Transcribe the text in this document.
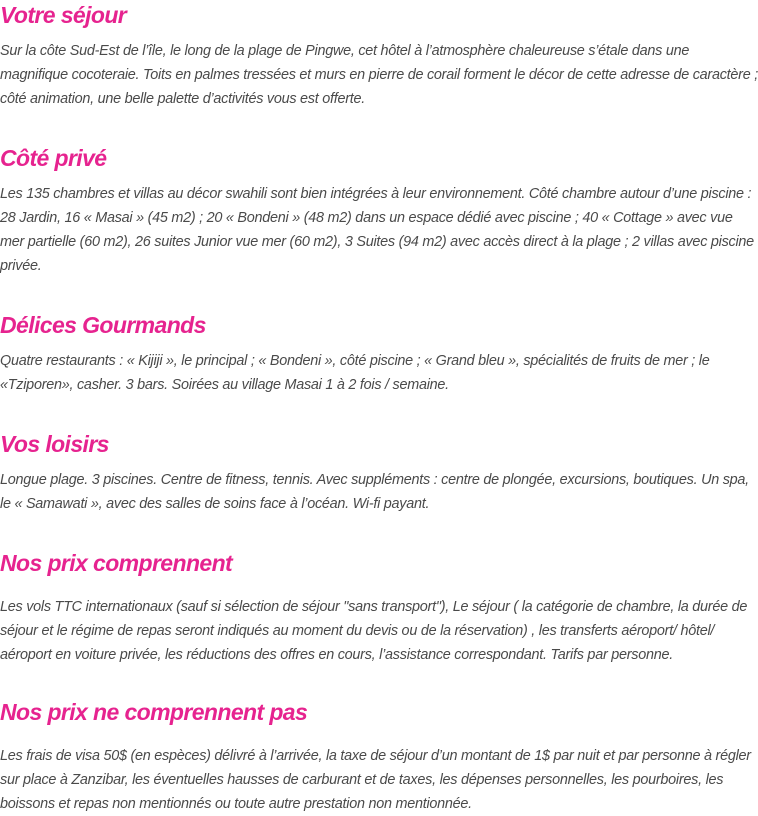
Votre séjour

Sur la côte Sud-Est de l’île, le long de la plage de Pingwe, cet hôtel à l’atmosphère chaleureuse s’étale dans une magnifique cocoteraie. Toits en palmes tressées et murs en pierre de corail forment le décor de cette adresse de caractère ; côté animation, une belle palette d’activités vous est offerte.

Côté privé

Les 135 chambres et villas au décor swahili sont bien intégrées à leur environnement. Côté chambre autour d’une piscine : 28 Jardin, 16 « Masai » (45 m2) ; 20 « Bondeni » (48 m2) dans un espace dédié avec piscine ; 40 « Cottage » avec vue mer partielle (60 m2), 26 suites Junior vue mer (60 m2), 3 Suites (94 m2) avec accès direct à la plage ; 2 villas avec piscine privée.

Délices Gourmands

Quatre restaurants : « Kijiji », le principal ; « Bondeni », côté piscine ; « Grand bleu », spécialités de fruits de mer ; le «Tziporen», casher. 3 bars. Soirées au village Masai 1 à 2 fois / semaine.

Vos loisirs

Longue plage. 3 piscines. Centre de fitness, tennis. Avec suppléments : centre de plongée, excursions, boutiques. Un spa, le « Samawati », avec des salles de soins face à l’océan. Wi-fi payant.

Nos prix comprennent

Les vols TTC internationaux (sauf si sélection de séjour "sans transport"), Le séjour ( la catégorie de chambre, la durée de séjour et le régime de repas seront indiqués au moment du devis ou de la réservation) , les transferts aéroport/ hôtel/ aéroport en voiture privée, les réductions des offres en cours, l’assistance correspondant. Tarifs par personne.

Nos prix ne comprennent pas

Les frais de visa 50$ (en espèces) délivré à l’arrivée, la taxe de séjour d’un montant de 1$ par nuit et par personne à régler sur place à Zanzibar, les éventuelles hausses de carburant et de taxes, les dépenses personnelles, les pourboires, les boissons et repas non mentionnés ou toute autre prestation non mentionnée.
